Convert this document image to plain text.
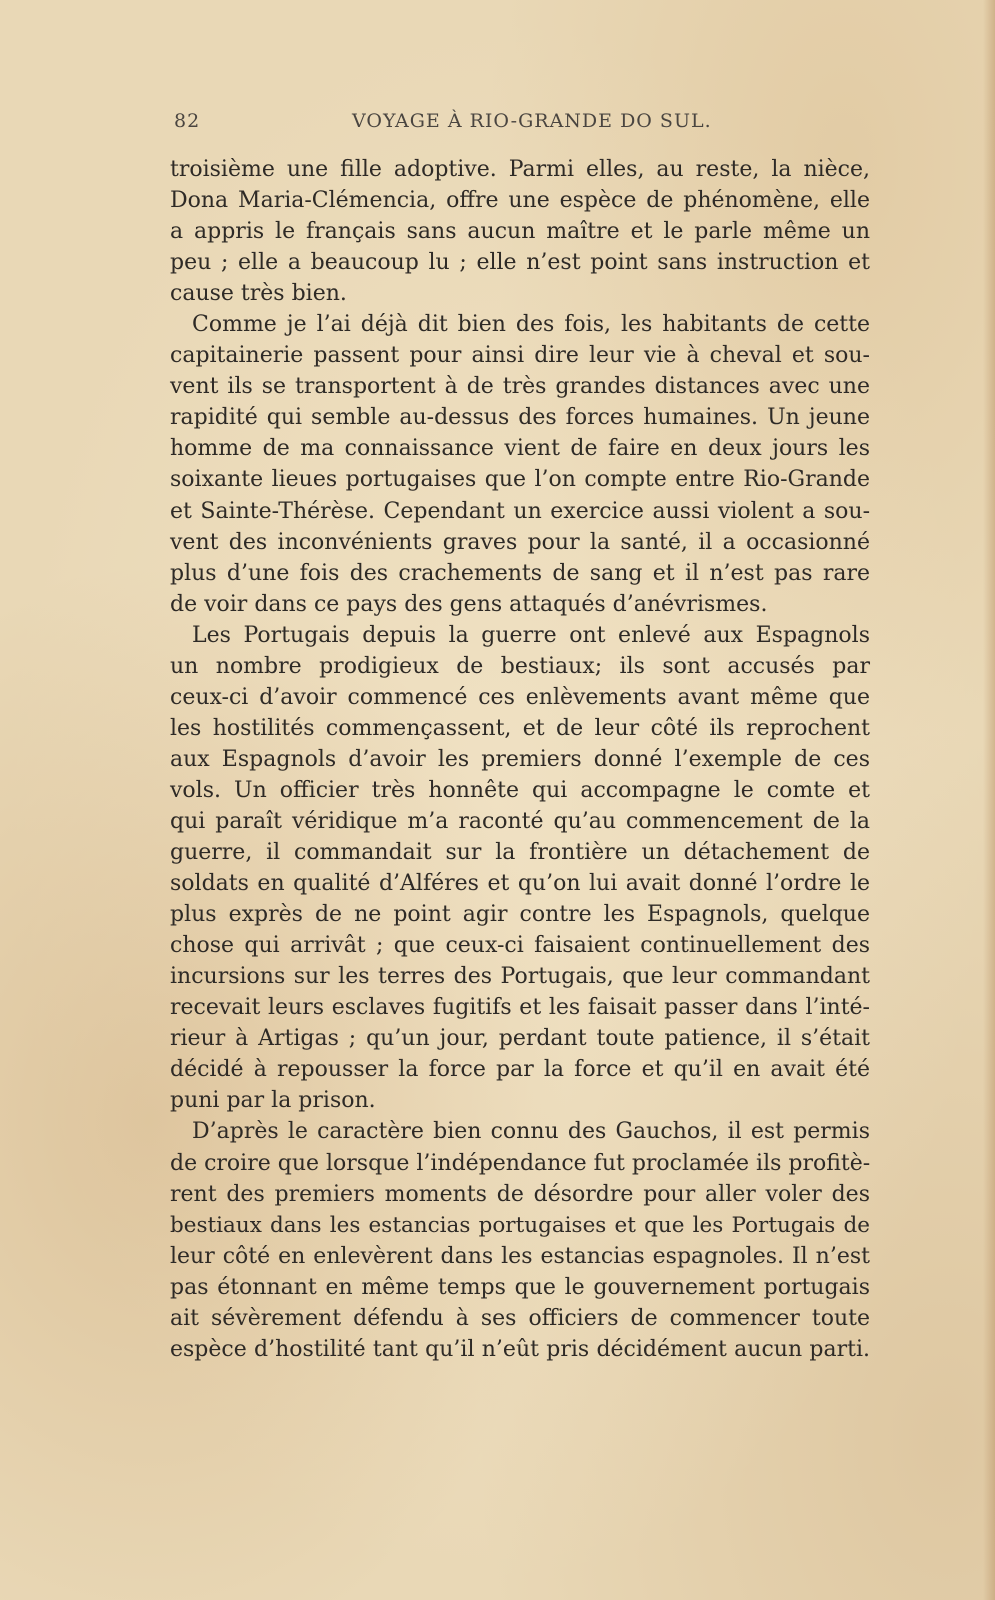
82	VOYAGE À RIO-GRANDE DO SUL.
troisième une fille adoptive. Parmi elles, au reste, la nièce,
Dona Maria-Clémencia, offre une espèce de phénomène, elle
a appris le français sans aucun maître et le parle même un
peu ; elle a beaucoup lu ; elle n’est point sans instruction et
cause très bien.
Comme je l’ai déjà dit bien des fois, les habitants de cette
capitainerie passent pour ainsi dire leur vie à cheval et sou-
vent ils se transportent à de très grandes distances avec une
rapidité qui semble au-dessus des forces humaines. Un jeune
homme de ma connaissance vient de faire en deux jours les
soixante lieues portugaises que l’on compte entre Rio-Grande
et Sainte-Thérèse. Cependant un exercice aussi violent a sou-
vent des inconvénients graves pour la santé, il a occasionné
plus d’une fois des crachements de sang et il n’est pas rare
de voir dans ce pays des gens attaqués d’anévrismes.
Les Portugais depuis la guerre ont enlevé aux Espagnols
un nombre prodigieux de bestiaux; ils sont accusés par
ceux-ci d’avoir commencé ces enlèvements avant même que
les hostilités commençassent, et de leur côté ils reprochent
aux Espagnols d’avoir les premiers donné l’exemple de ces
vols. Un officier très honnête qui accompagne le comte et
qui paraît véridique m’a raconté qu’au commencement de la
guerre, il commandait sur la frontière un détachement de
soldats en qualité d’Alféres et qu’on lui avait donné l’ordre le
plus exprès de ne point agir contre les Espagnols, quelque
chose qui arrivât ; que ceux-ci faisaient continuellement des
incursions sur les terres des Portugais, que leur commandant
recevait leurs esclaves fugitifs et les faisait passer dans l’inté-
rieur à Artigas ; qu’un jour, perdant toute patience, il s’était
décidé à repousser la force par la force et qu’il en avait été
puni par la prison.
D’après le caractère bien connu des Gauchos, il est permis
de croire que lorsque l’indépendance fut proclamée ils profitè-
rent des premiers moments de désordre pour aller voler des
bestiaux dans les estancias portugaises et que les Portugais de
leur côté en enlevèrent dans les estancias espagnoles. Il n’est
pas étonnant en même temps que le gouvernement portugais
ait sévèrement défendu à ses officiers de commencer toute
espèce d’hostilité tant qu’il n’eût pris décidément aucun parti.
